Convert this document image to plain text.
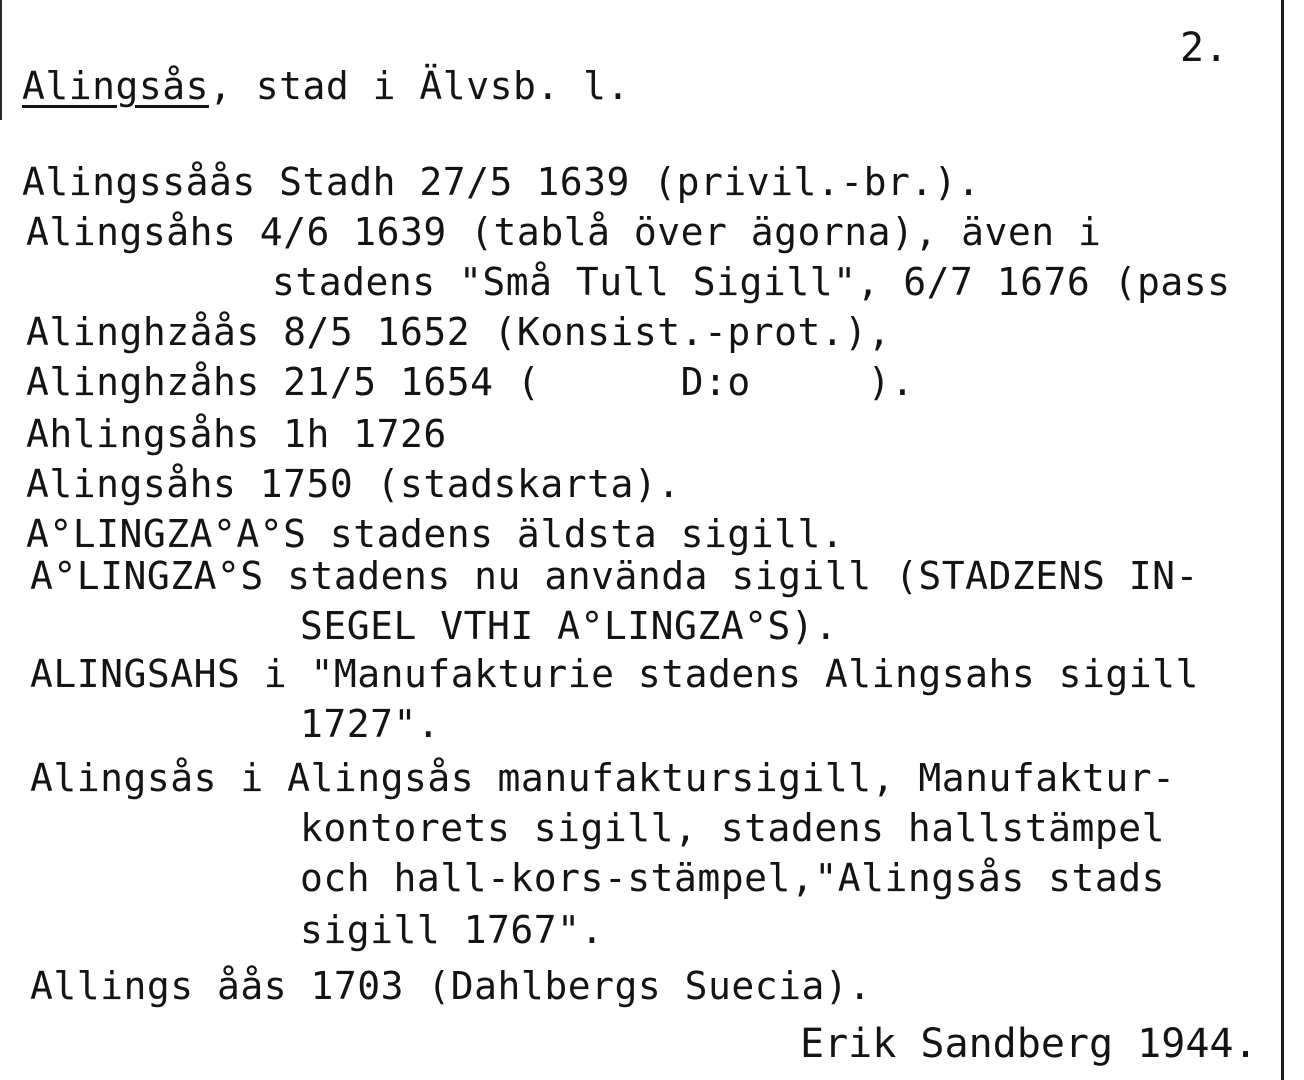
2.
Alingsås, stad i Älvsb. l.
Alingssåås Stadh 27/5 1639 (privil.-br.).
Alingsåhs 4/6 1639 (tablå över ägorna), även i
stadens "Små Tull Sigill", 6/7 1676 (pass
Alinghzåås 8/5 1652 (Konsist.-prot.),
Alinghzåhs 21/5 1654 (      D:o     ).
Ahlingsåhs 1h 1726
Alingsåhs 1750 (stadskarta).
A°LINGZA°A°S stadens äldsta sigill.
A°LINGZA°S stadens nu använda sigill (STADZENS IN-
SEGEL VTHI A°LINGZA°S).
ALINGSAHS i "Manufakturie stadens Alingsahs sigill
1727".
Alingsås i Alingsås manufaktursigill, Manufaktur-
kontorets sigill, stadens hallstämpel
och hall-kors-stämpel,"Alingsås stads
sigill 1767".
Allings åås 1703 (Dahlbergs Suecia).
Erik Sandberg 1944.
